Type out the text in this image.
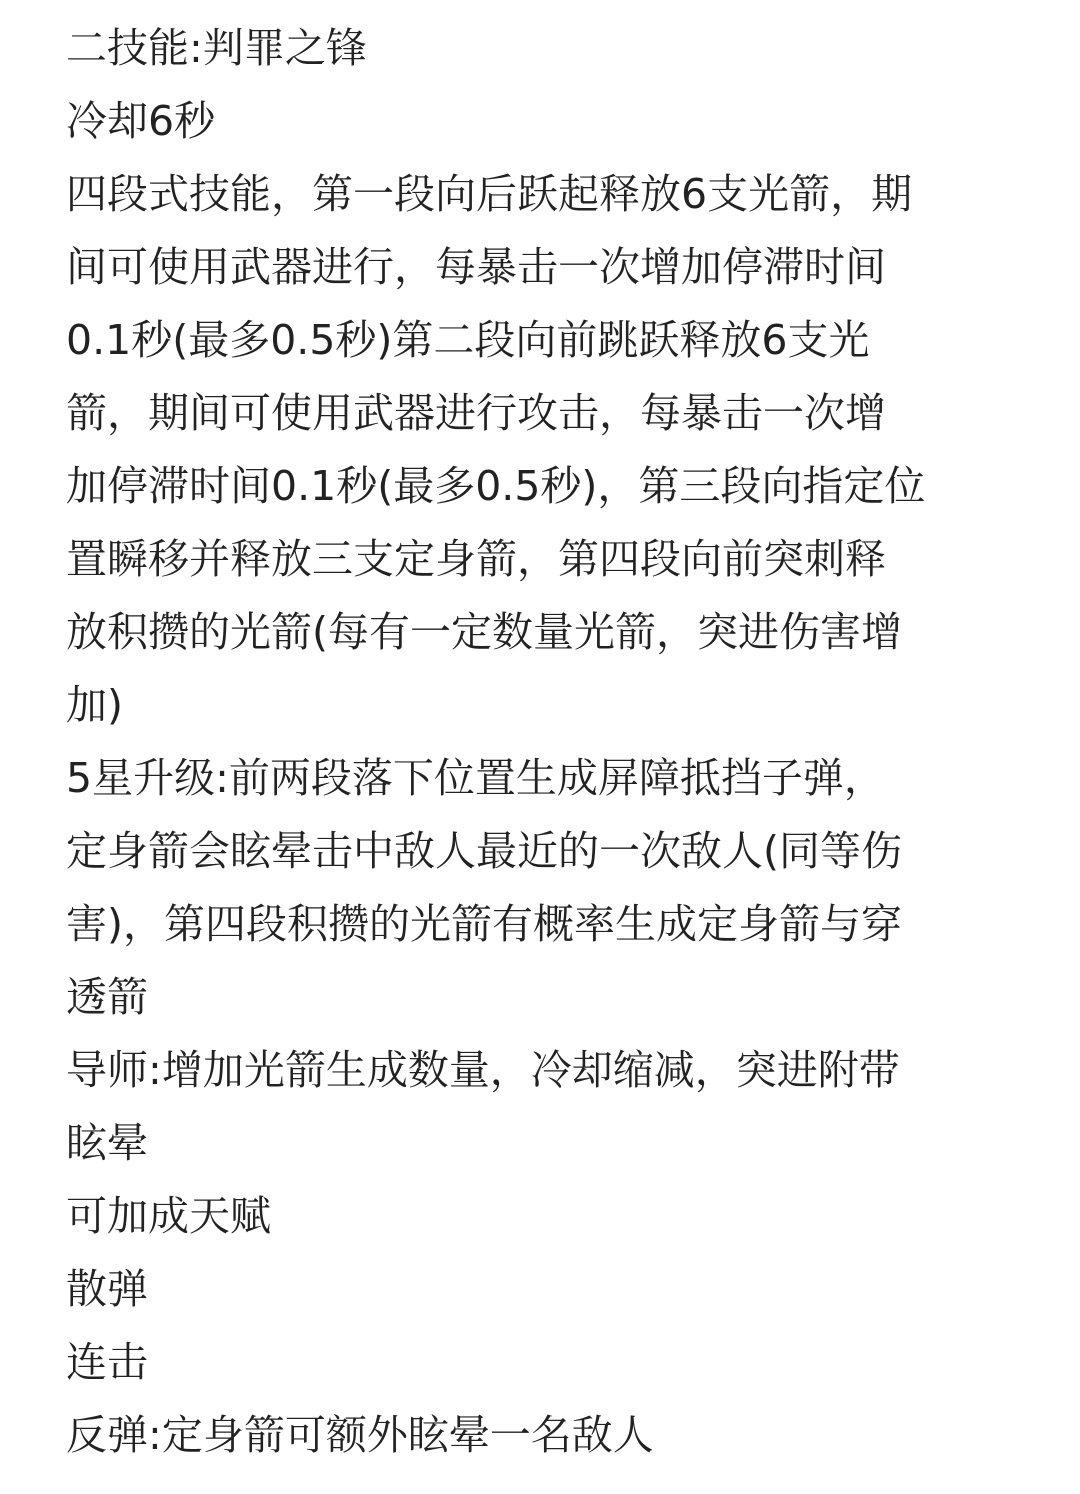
二技能:判罪之锋
冷却6秒
四段式技能，第一段向后跃起释放6支光箭，期
间可使用武器进行，每暴击一次增加停滞时间
0.1秒(最多0.5秒)第二段向前跳跃释放6支光
箭，期间可使用武器进行攻击，每暴击一次增
加停滞时间0.1秒(最多0.5秒)，第三段向指定位
置瞬移并释放三支定身箭，第四段向前突刺释
放积攒的光箭(每有一定数量光箭，突进伤害增
加)
5星升级:前两段落下位置生成屏障抵挡子弹，
定身箭会眩晕击中敌人最近的一次敌人(同等伤
害)，第四段积攒的光箭有概率生成定身箭与穿
透箭
导师:增加光箭生成数量，冷却缩减，突进附带
眩晕
可加成天赋
散弹
连击
反弹:定身箭可额外眩晕一名敌人
